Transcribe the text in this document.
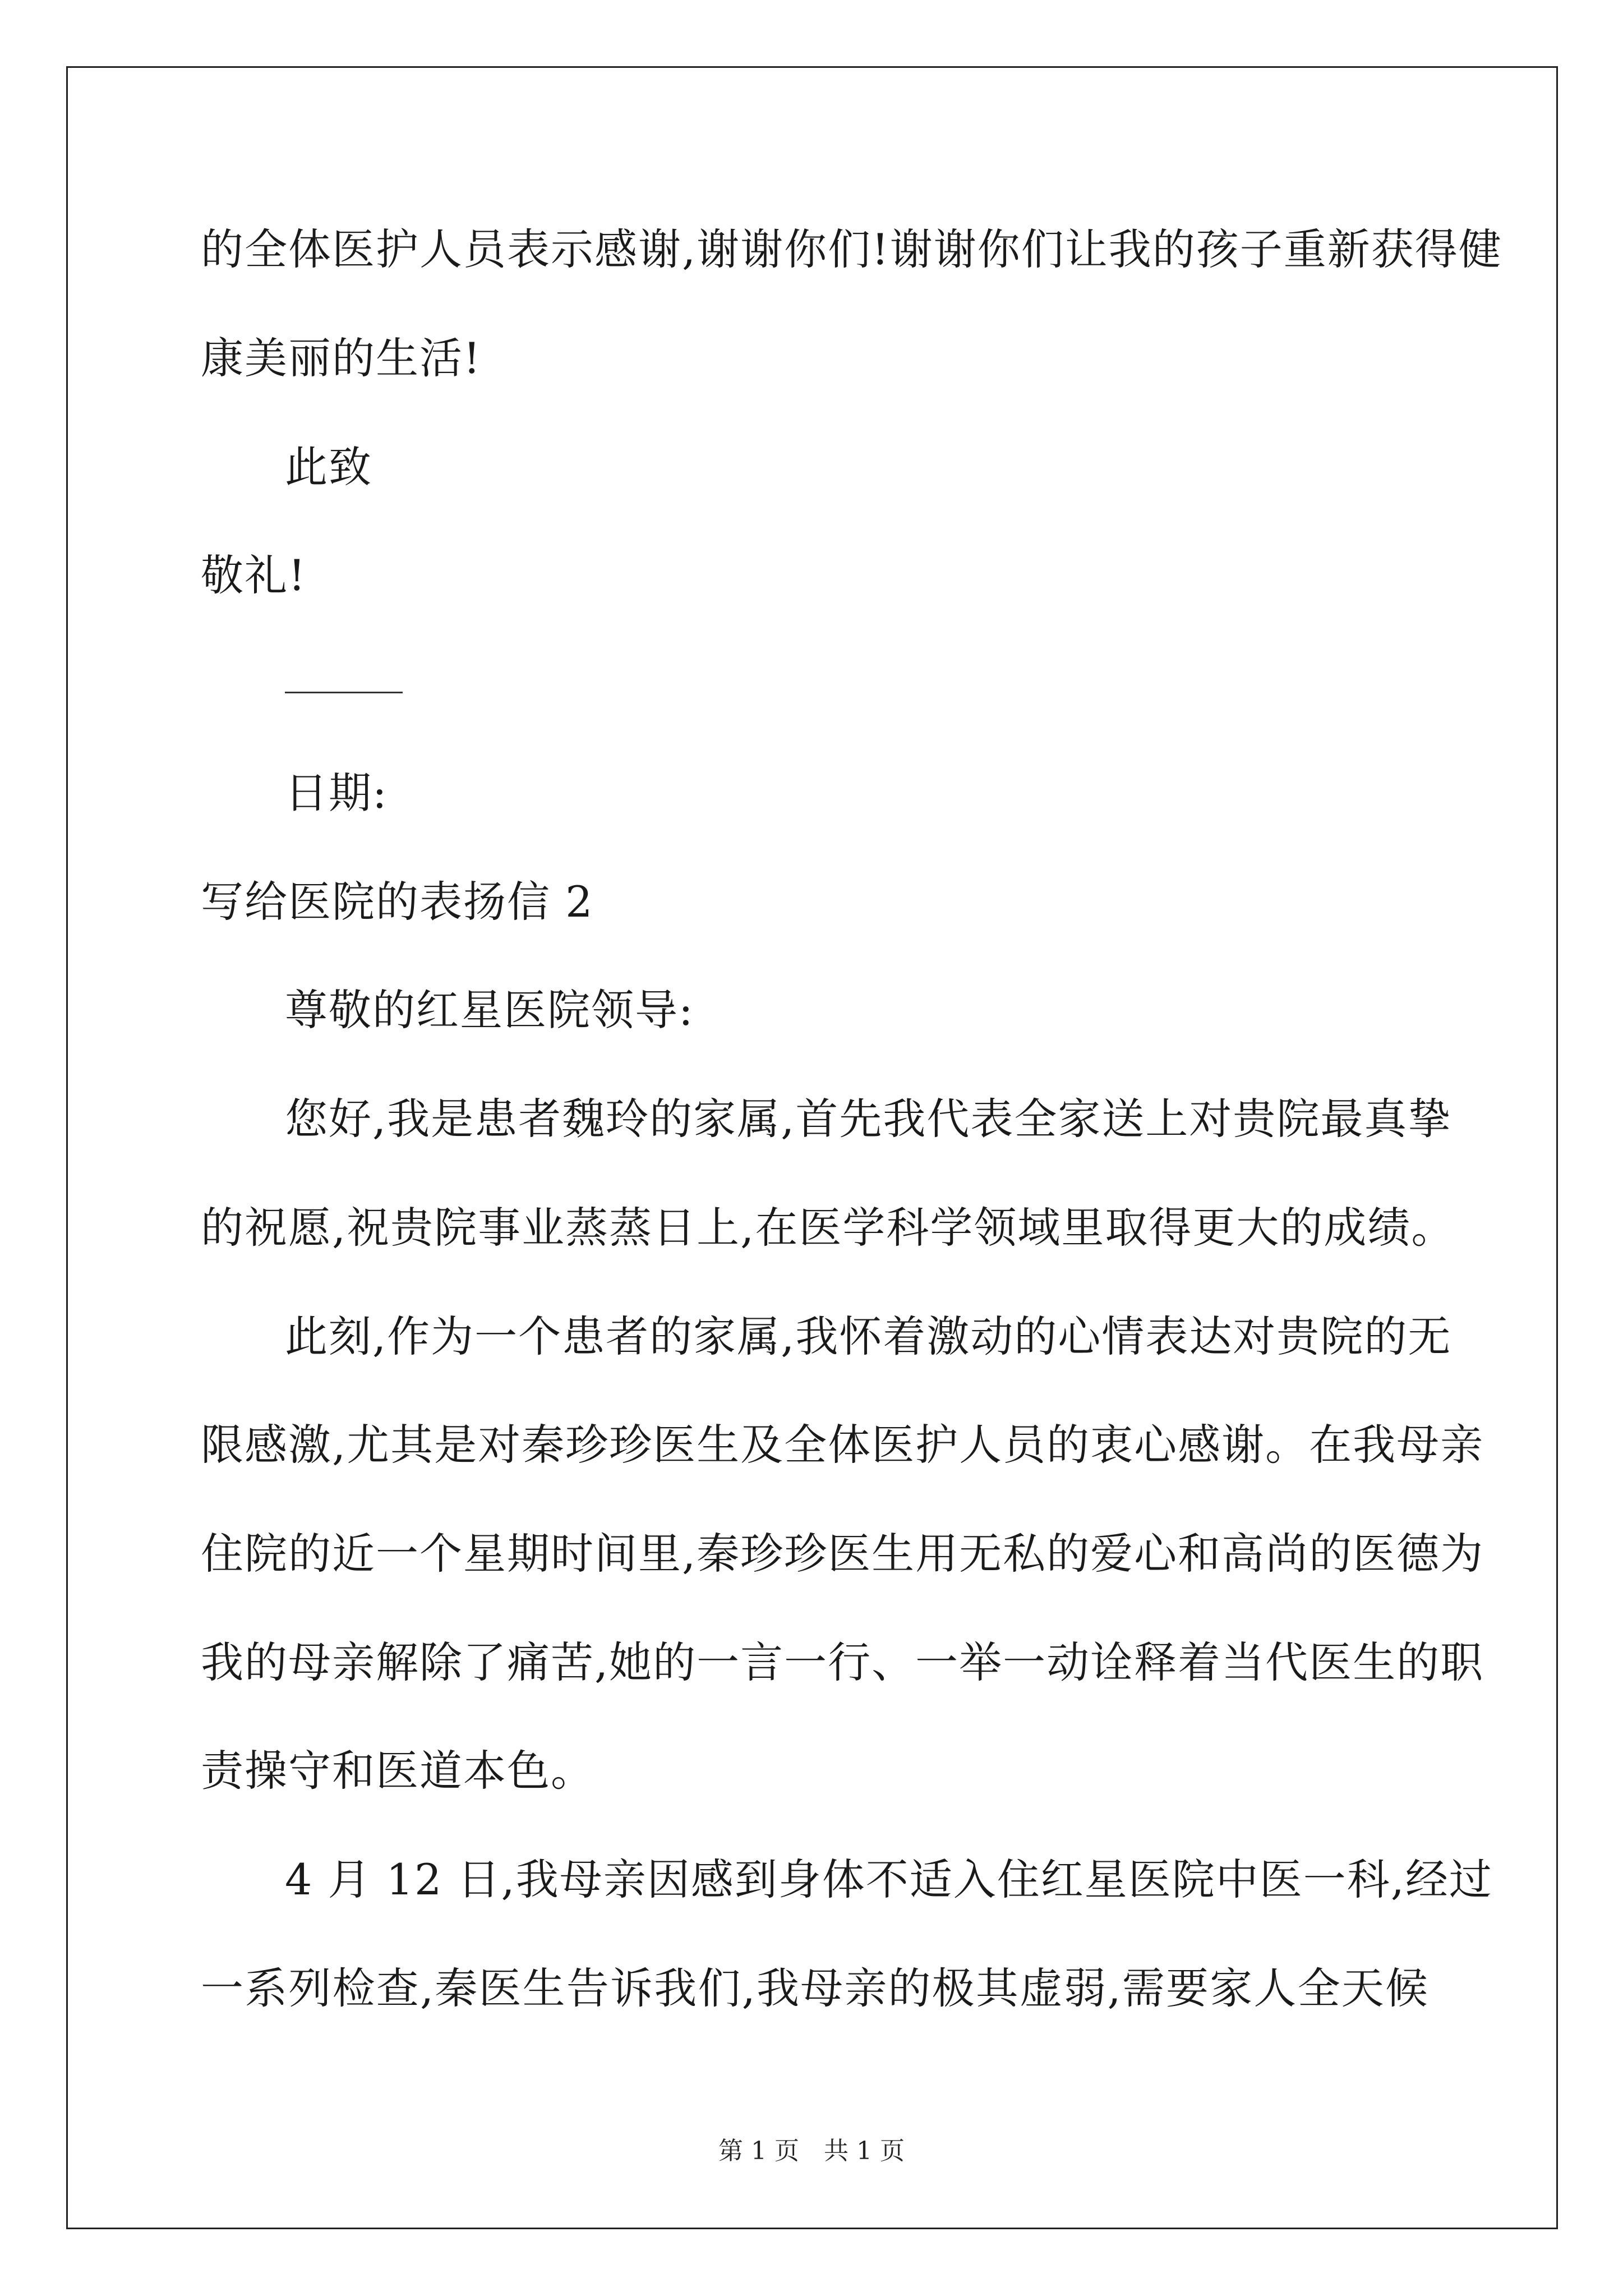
的全体医护人员表示感谢,谢谢你们!谢谢你们让我的孩子重新获得健
康美丽的生活!
此致
敬礼!
日期:
写给医院的表扬信 2
尊敬的红星医院领导:
您好,我是患者魏玲的家属,首先我代表全家送上对贵院最真挚
的祝愿,祝贵院事业蒸蒸日上,在医学科学领域里取得更大的成绩。
此刻,作为一个患者的家属,我怀着激动的心情表达对贵院的无
限感激,尤其是对秦珍珍医生及全体医护人员的衷心感谢。在我母亲
住院的近一个星期时间里,秦珍珍医生用无私的爱心和高尚的医德为
我的母亲解除了痛苦,她的一言一行、一举一动诠释着当代医生的职
责操守和医道本色。
4 月 12 日,我母亲因感到身体不适入住红星医院中医一科,经过
一系列检查,秦医生告诉我们,我母亲的极其虚弱,需要家人全天候
第 1 页 共 1 页
